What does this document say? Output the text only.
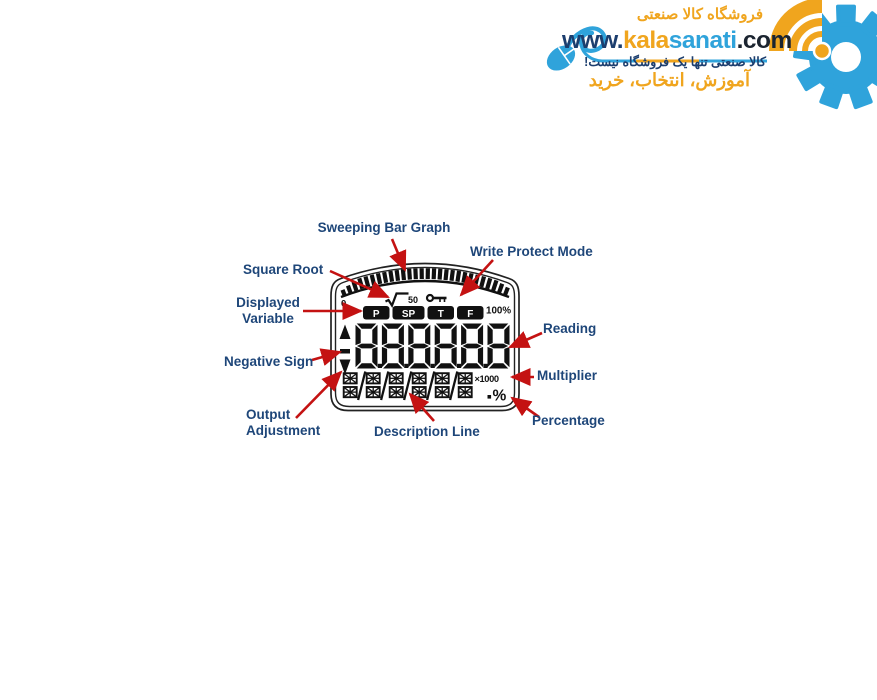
فروشگاه کالا صنعتی
www.kalasanati.com
کالا صنعتی تنها یک فروشگاه نیست!
آموزش، انتخاب، خرید
0	50
100%
P SP T F
×1000
%
Sweeping Bar Graph
Write Protect Mode
Square Root
Displayed
Variable
Negative Sign
Reading
Multiplier
Output
Adjustment	Description Line
Percentage
